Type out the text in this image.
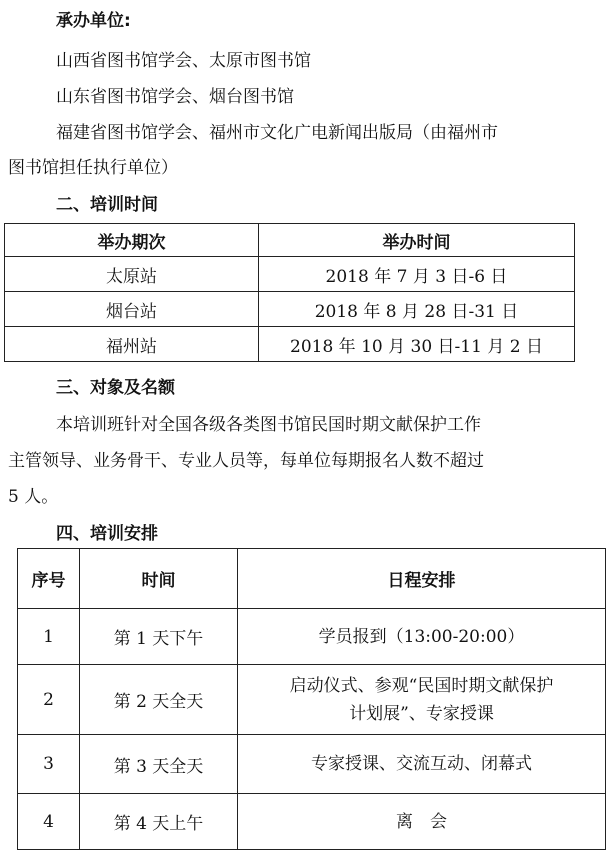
承办单位:
山西省图书馆学会、太原市图书馆
山东省图书馆学会、烟台图书馆
福建省图书馆学会、福州市文化广电新闻出版局（由福州市
图书馆担任执行单位）
二、培训时间
举办期次	举办时间
太原站	2018 年 7 月 3 日-6 日
烟台站	2018 年 8 月 28 日-31 日
福州站	2018 年 10 月 30 日-11 月 2 日
三、对象及名额
本培训班针对全国各级各类图书馆民国时期文献保护工作
主管领导、业务骨干、专业人员等，每单位每期报名人数不超过
5 人。
四、培训安排
序号	时间	日程安排
1	第 1 天下午	学员报到（13:00-20:00）

2	第 2 天全天	启动仪式、参观“民国时期文献保护
计划展”、专家授课

3	第 3 天全天	专家授课、交流互动、闭幕式

4	第 4 天上午	离　会
